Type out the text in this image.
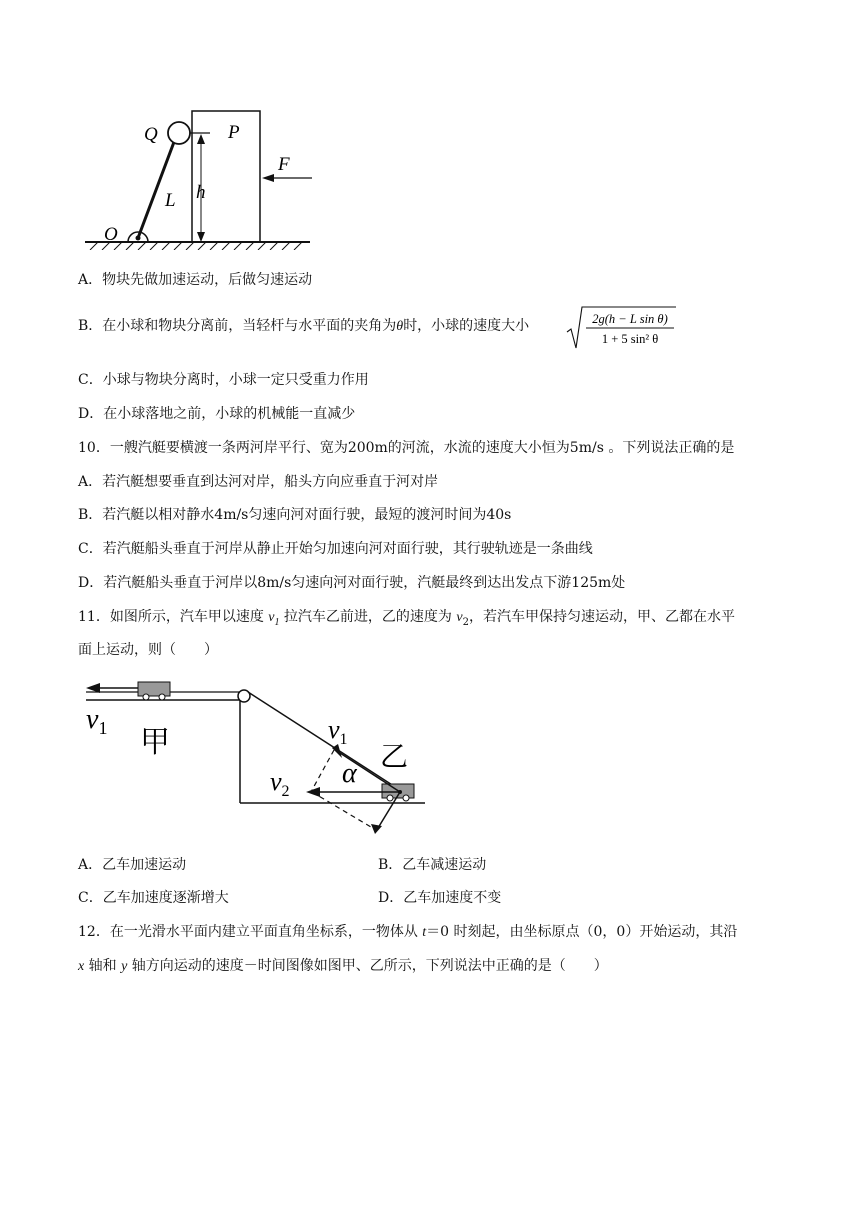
Q	P
F
h
L
O
A．物块先做加速运动，后做匀速运动
B．在小球和物块分离前，当轻杆与水平面的夹角为θ时，小球的速度大小	2g(h − L sin θ)
1 + 5 sin² θ
C．小球与物块分离时，小球一定只受重力作用
D．在小球落地之前，小球的机械能一直减少
10．一艘汽艇要横渡一条两河岸平行、宽为200m的河流，水流的速度大小恒为5m/s 。下列说法正确的是
A．若汽艇想要垂直到达河对岸，船头方向应垂直于河对岸
B．若汽艇以相对静水4m/s匀速向河对面行驶，最短的渡河时间为40s
C．若汽艇船头垂直于河岸从静止开始匀加速向河对面行驶，其行驶轨迹是一条曲线
D．若汽艇船头垂直于河岸以8m/s匀速向河对面行驶，汽艇最终到达出发点下游125m处
11．如图所示，汽车甲以速度 $v_1$ 拉汽车乙前进，乙的速度为 $v_2$，若汽车甲保持匀速运动，甲、乙都在水平
面上运动，则（　　）
$v_1$ 甲	$v_1$
乙
α
$v_2$
A．乙车加速运动	B．乙车减速运动
C．乙车加速度逐渐增大	D．乙车加速度不变
12．在一光滑水平面内建立平面直角坐标系，一物体从 t＝0 时刻起，由坐标原点（0，0）开始运动，其沿
x 轴和 y 轴方向运动的速度－时间图像如图甲、乙所示，下列说法中正确的是（　　）
